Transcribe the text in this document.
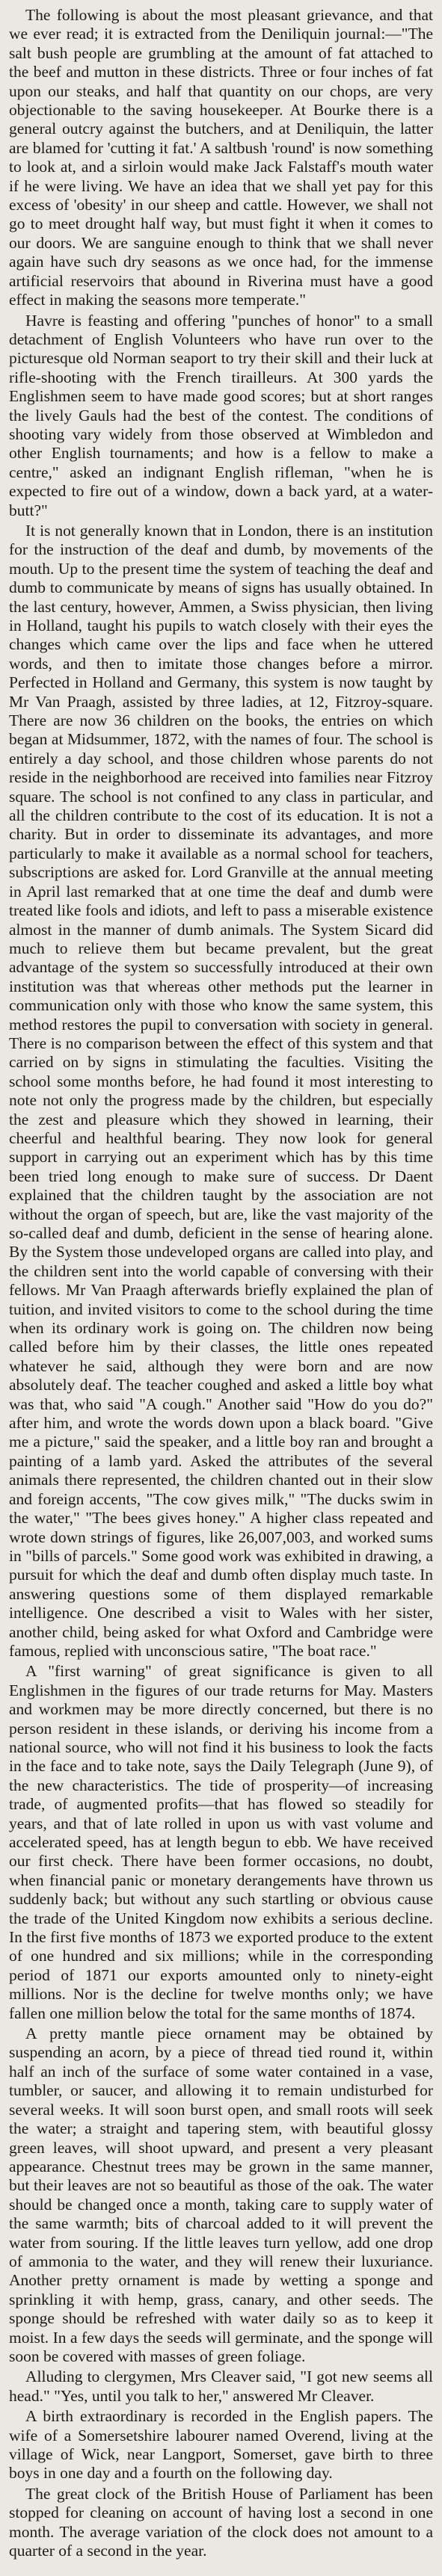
The following is about the most pleasant grievance, and that we ever read; it is extracted from the Deniliquin journal:—"The salt bush people are grumbling at the amount of fat attached to the beef and mutton in these districts. Three or four inches of fat upon our steaks, and half that quantity on our chops, are very objectionable to the saving housekeeper. At Bourke there is a general outcry against the butchers, and at Deniliquin, the latter are blamed for 'cutting it fat.' A saltbush 'round' is now something to look at, and a sirloin would make Jack Falstaff's mouth water if he were living. We have an idea that we shall yet pay for this excess of 'obesity' in our sheep and cattle. However, we shall not go to meet drought half way, but must fight it when it comes to our doors. We are sanguine enough to think that we shall never again have such dry seasons as we once had, for the immense artificial reservoirs that abound in Riverina must have a good effect in making the seasons more temperate."

Havre is feasting and offering "punches of honor" to a small detachment of English Volunteers who have run over to the picturesque old Norman seaport to try their skill and their luck at rifle-shooting with the French tirailleurs. At 300 yards the Englishmen seem to have made good scores; but at short ranges the lively Gauls had the best of the contest. The conditions of shooting vary widely from those observed at Wimbledon and other English tournaments; and how is a fellow to make a centre," asked an indignant English rifleman, "when he is expected to fire out of a window, down a back yard, at a water-butt?"

It is not generally known that in London, there is an institution for the instruction of the deaf and dumb, by movements of the mouth. Up to the present time the system of teaching the deaf and dumb to communicate by means of signs has usually obtained. In the last century, however, Ammen, a Swiss physician, then living in Holland, taught his pupils to watch closely with their eyes the changes which came over the lips and face when he uttered words, and then to imitate those changes before a mirror. Perfected in Holland and Germany, this system is now taught by Mr Van Praagh, assisted by three ladies, at 12, Fitzroy-square. There are now 36 children on the books, the entries on which began at Midsummer, 1872, with the names of four. The school is entirely a day school, and those children whose parents do not reside in the neighborhood are received into families near Fitzroy square. The school is not confined to any class in particular, and all the children contribute to the cost of its education. It is not a charity. But in order to disseminate its advantages, and more particularly to make it available as a normal school for teachers, subscriptions are asked for. Lord Granville at the annual meeting in April last remarked that at one time the deaf and dumb were treated like fools and idiots, and left to pass a miserable existence almost in the manner of dumb animals. The System Sicard did much to relieve them but became prevalent, but the great advantage of the system so successfully introduced at their own institution was that whereas other methods put the learner in communication only with those who know the same system, this method restores the pupil to conversation with society in general. There is no comparison between the effect of this system and that carried on by signs in stimulating the faculties. Visiting the school some months before, he had found it most interesting to note not only the progress made by the children, but especially the zest and pleasure which they showed in learning, their cheerful and healthful bearing. They now look for general support in carrying out an experiment which has by this time been tried long enough to make sure of success. Dr Daent explained that the children taught by the association are not without the organ of speech, but are, like the vast majority of the so-called deaf and dumb, deficient in the sense of hearing alone. By the System those undeveloped organs are called into play, and the children sent into the world capable of conversing with their fellows. Mr Van Praagh afterwards briefly explained the plan of tuition, and invited visitors to come to the school during the time when its ordinary work is going on. The children now being called before him by their classes, the little ones repeated whatever he said, although they were born and are now absolutely deaf. The teacher coughed and asked a little boy what was that, who said "A cough." Another said "How do you do?" after him, and wrote the words down upon a black board. "Give me a picture," said the speaker, and a little boy ran and brought a painting of a lamb yard. Asked the attributes of the several animals there represented, the children chanted out in their slow and foreign accents, "The cow gives milk," "The ducks swim in the water," "The bees gives honey." A higher class repeated and wrote down strings of figures, like 26,007,003, and worked sums in "bills of parcels." Some good work was exhibited in drawing, a pursuit for which the deaf and dumb often display much taste. In answering questions some of them displayed remarkable intelligence. One described a visit to Wales with her sister, another child, being asked for what Oxford and Cambridge were famous, replied with unconscious satire, "The boat race."

A "first warning" of great significance is given to all Englishmen in the figures of our trade returns for May. Masters and workmen may be more directly concerned, but there is no person resident in these islands, or deriving his income from a national source, who will not find it his business to look the facts in the face and to take note, says the Daily Telegraph (June 9), of the new characteristics. The tide of prosperity—of increasing trade, of augmented profits—that has flowed so steadily for years, and that of late rolled in upon us with vast volume and accelerated speed, has at length begun to ebb. We have received our first check. There have been former occasions, no doubt, when financial panic or monetary derangements have thrown us suddenly back; but without any such startling or obvious cause the trade of the United Kingdom now exhibits a serious decline. In the first five months of 1873 we exported produce to the extent of one hundred and six millions; while in the corresponding period of 1871 our exports amounted only to ninety-eight millions. Nor is the decline for twelve months only; we have fallen one million below the total for the same months of 1874.

A pretty mantle piece ornament may be obtained by suspending an acorn, by a piece of thread tied round it, within half an inch of the surface of some water contained in a vase, tumbler, or saucer, and allowing it to remain undisturbed for several weeks. It will soon burst open, and small roots will seek the water; a straight and tapering stem, with beautiful glossy green leaves, will shoot upward, and present a very pleasant appearance. Chestnut trees may be grown in the same manner, but their leaves are not so beautiful as those of the oak. The water should be changed once a month, taking care to supply water of the same warmth; bits of charcoal added to it will prevent the water from souring. If the little leaves turn yellow, add one drop of ammonia to the water, and they will renew their luxuriance. Another pretty ornament is made by wetting a sponge and sprinkling it with hemp, grass, canary, and other seeds. The sponge should be refreshed with water daily so as to keep it moist. In a few days the seeds will germinate, and the sponge will soon be covered with masses of green foliage.

Alluding to clergymen, Mrs Cleaver said, "I got new seems all head." "Yes, until you talk to her," answered Mr Cleaver.

A birth extraordinary is recorded in the English papers. The wife of a Somersetshire labourer named Overend, living at the village of Wick, near Langport, Somerset, gave birth to three boys in one day and a fourth on the following day.

The great clock of the British House of Parliament has been stopped for cleaning on account of having lost a second in one month. The average variation of the clock does not amount to a quarter of a second in the year.
